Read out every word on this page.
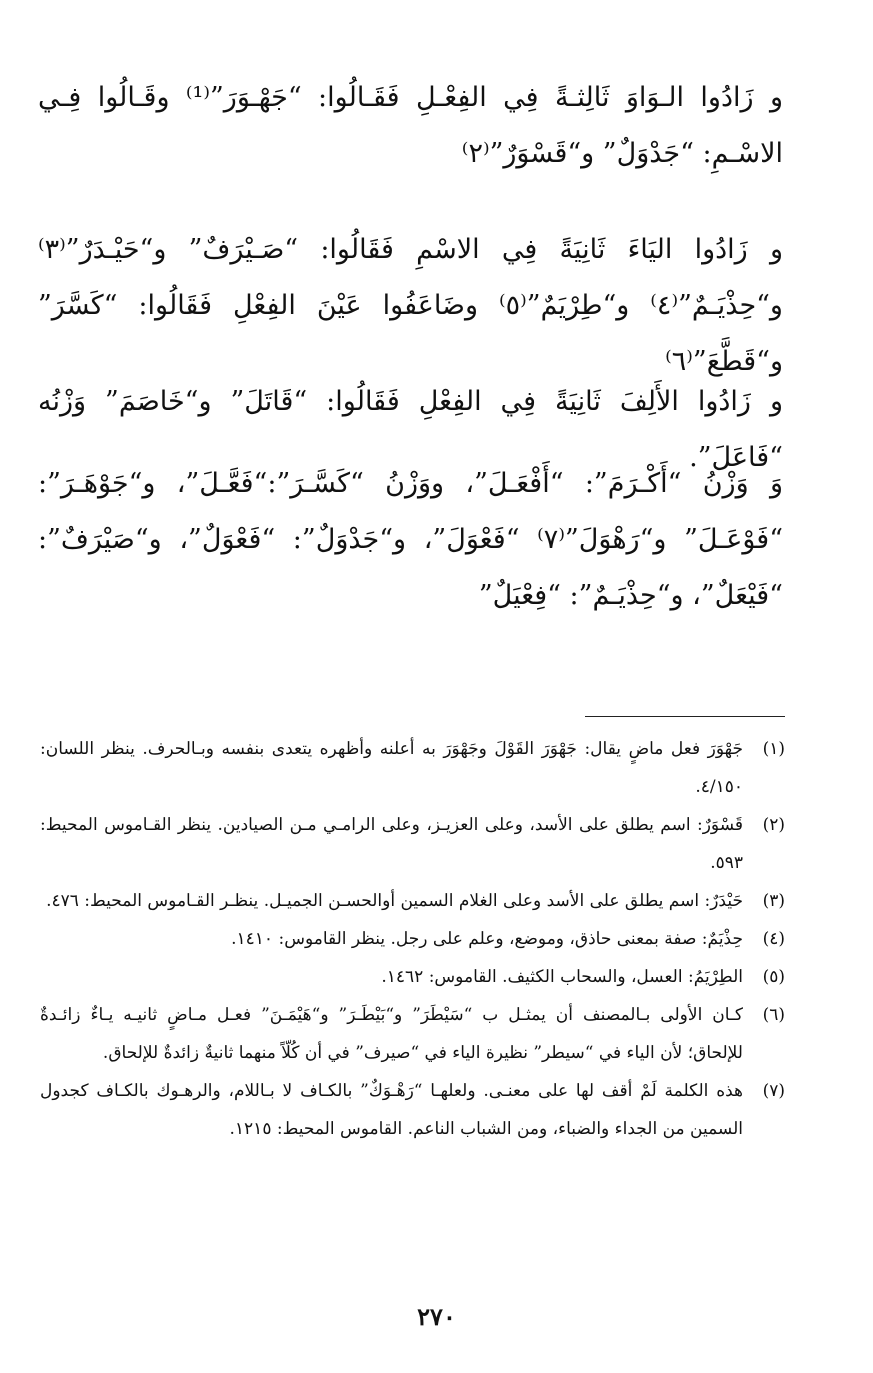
و زَادُوا الـوَاوَ ثَالِثـةً فِي الفِعْـلِ فَقَـالُوا: “جَهْـوَرَ”⁽¹⁾ وقَـالُوا فِـي الاسْـمِ: “جَدْوَلٌ” و“قَسْوَرٌ”⁽٢⁾

و زَادُوا اليَاءَ ثَانِيَةً فِي الاسْمِ فَقَالُوا: “صَـيْرَفٌ” و“حَيْـدَرٌ”⁽٣⁾ و“حِذْيَـمٌ”⁽٤⁾ و“طِرْيَمٌ”⁽٥⁾ وضَاعَفُوا عَيْنَ الفِعْلِ فَقَالُوا: “كَسَّرَ” و“قَطَّعَ”⁽٦⁾

و زَادُوا الأَلِفَ ثَانِيَةً فِي الفِعْلِ فَقَالُوا: “قَاتَلَ” و“خَاصَمَ” وَزْنُه “فَاعَلَ”.

وَ وَزْنُ “أَكْـرَمَ”: “أَفْعَـلَ”، ووَزْنُ “كَسَّـرَ”:“فَعَّـلَ”، و“جَوْهَـرَ”: “فَوْعَـلَ” و“رَهْوَلَ”⁽٧⁾ “فَعْوَلَ”، و“جَدْوَلٌ”: “فَعْوَلٌ”، و“صَيْرَفٌ”: “فَيْعَلٌ”، و“حِذْيَـمٌ”: “فِعْيَلٌ”

(١)
جَهْوَرَ فعل ماضٍ يقال: جَهْوَرَ القَوْلَ وجَهْوَرَ به أعلنه وأظهره يتعدى بنفسه وبـالحرف. ينظر اللسان: ٤/١٥٠.
(٢)
قَسْوَرٌ: اسم يطلق على الأسد، وعلى العزيـز، وعلى الرامـي مـن الصيادين. ينظر القـاموس المحيط: ٥٩٣.
(٣)
حَيْدَرٌ: اسم يطلق على الأسد وعلى الغلام السمين أوالحسـن الجميـل. ينظـر القـاموس المحيط: ٤٧٦.
(٤)
حِذْيَمٌ: صفة بمعنى حاذق، وموضع، وعلم على رجل. ينظر القاموس: ١٤١٠.
(٥)
الطِرْيَمُ: العسل، والسحاب الكثيف. القاموس: ١٤٦٢.
(٦)
كـان الأولى بـالمصنف أن يمثـل ب “سَيْطَرَ” و“بَيْطَـرَ” و“هَيْمَـنَ” فعـل مـاضٍ ثانيـه يـاءٌ زائـدةٌ للإلحاق؛ لأن الياء في “سيطر” نظيرة الياء في “صيرف” في أن كُلّاً منهما ثانيةٌ زائدةٌ للإلحاق.
(٧)
هذه الكلمة لَمْ أقف لها على معنـى. ولعلهـا “رَهْـوَكٌ” بالكـاف لا بـاللام، والرهـوك بالكـاف كجدول السمين من الجداء والضباء، ومن الشباب الناعم. القاموس المحيط: ١٢١٥.
٢٧٠
